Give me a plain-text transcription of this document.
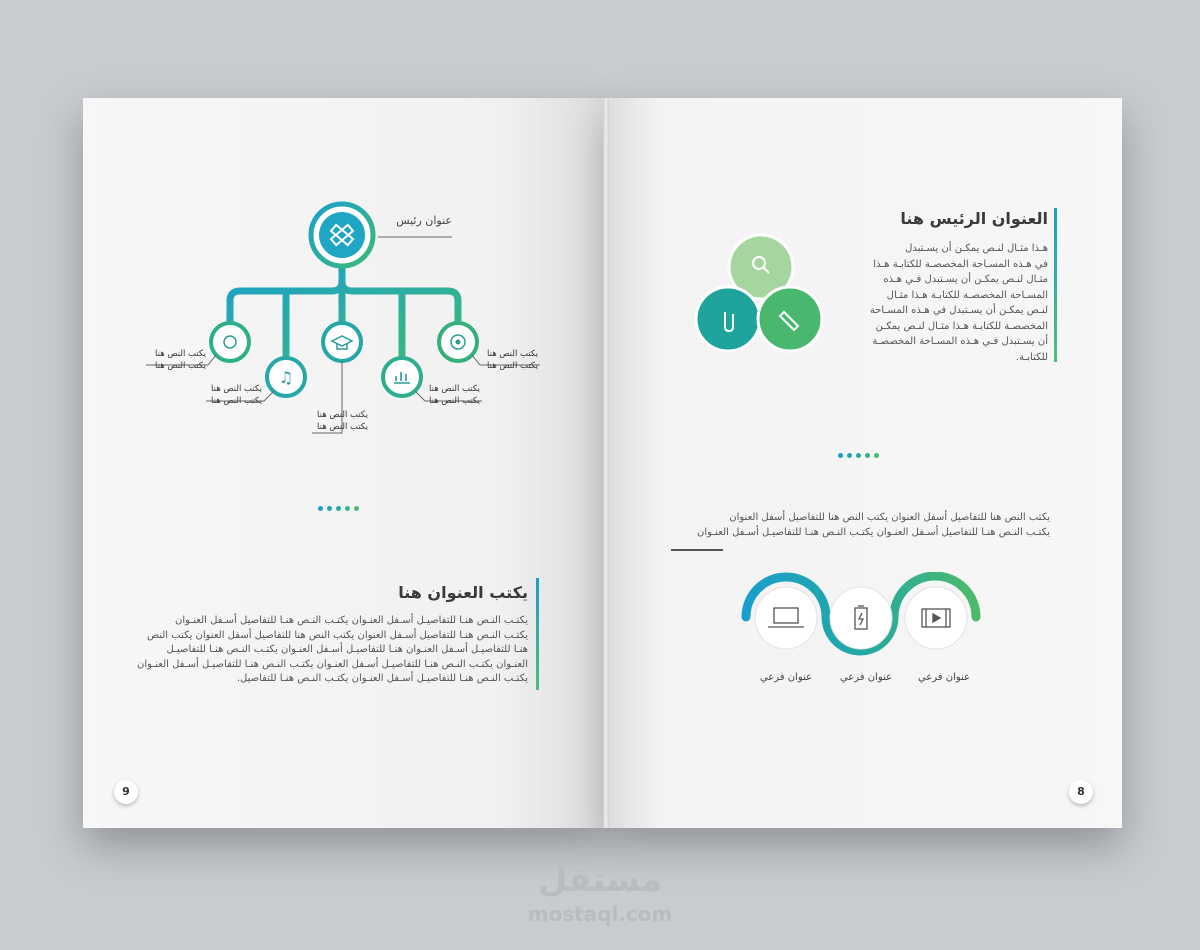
♫
عنوان رئيس
يكتب النص هنا
يكتب النص هنا
يكتب النص هنا
يكتب النص هنا
يكتب النص هنا
يكتب النص هنا
يكتب النص هنا
يكتب النص هنا
يكتب النص هنا
يكتب النص هنا
يكتب العنوان هنا
يكتـب النـص هنـا للتفاصيـل أسـفل العنـوان يكتـب النـص هنـا للتفاصيل أسـفل العنـوان
يكتـب النـص هنـا للتفاصيل أسـفل العنوان يكتب النص هنا للتفاصيل أسفل العنوان يكتب النص
هنـا للتفاصيـل أسـفل العنـوان هنـا للتفاصيـل أسـفل العنـوان يكتـب النـص هنـا للتفاصيـل
العنـوان يكتـب النـص هنـا للتفاصيـل أسـفل العنـوان يكتـب النـص هنـا للتفاصيـل أسـفل العنـوان
يكتـب النـص هنـا للتفاصيـل أسـفل العنـوان يكتـب النـص هنـا للتفاصيل.
9
العنوان الرئيس هنا
هـذا مثـال لنـص يمكـن أن يسـتبدل
في هـذه المسـاحة المخصصـة للكتابـة هـذا
مثـال لنـص يمكـن أن يسـتبدل فـي هـذه
المسـاحة المخصصـة للكتابـة هـذا مثـال
لنـص يمكـن أن يسـتبدل في هـذه المسـاحة
المخصصـة للكتابـة هـذا مثـال لنـص يمكـن
أن يسـتبدل فـي هـذه المسـاحة المخصصـة
للكتابـة.
يكتب النص هنا للتفاصيل أسفل العنوان يكتب النص هنا للتفاصيل أسفل العنوان
يكتـب النـص هنـا للتفاصيل أسـفل العنـوان يكتـب النـص هنـا للتفاصيـل أسـفل العنـوان
عنوان فرعي	عنوان فرعي	عنوان فرعي
8
مستقل
mostaql.com
